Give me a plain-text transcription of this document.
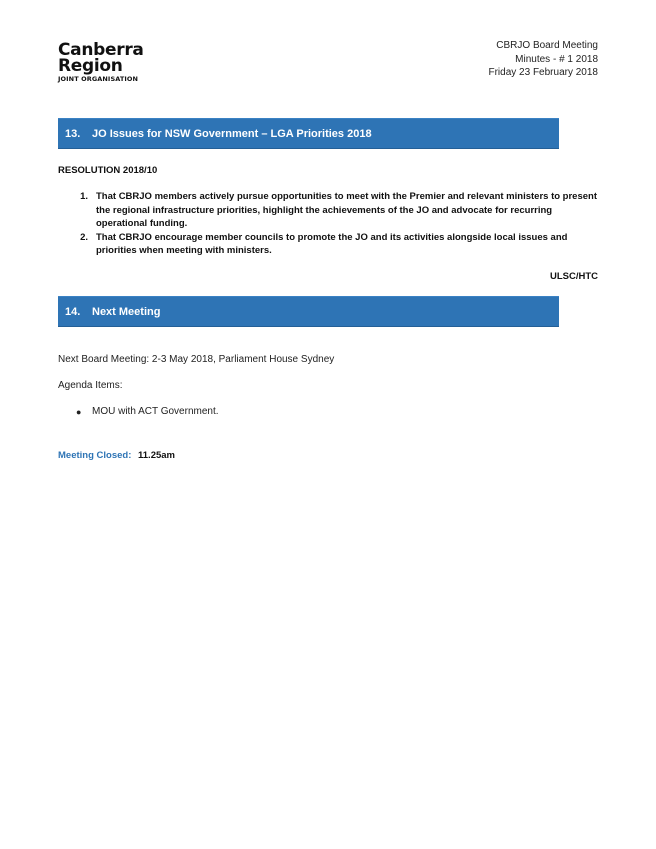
Canberra
Region
JOINT ORGANISATION
CBRJO Board Meeting
Minutes - # 1 2018
Friday 23 February 2018
13.	JO Issues for NSW Government – LGA Priorities 2018
RESOLUTION 2018/10
1. That CBRJO members actively pursue opportunities to meet with the Premier and relevant ministers to present the regional infrastructure priorities, highlight the achievements of the JO and advocate for recurring operational funding.
2. That CBRJO encourage member councils to promote the JO and its activities alongside local issues and priorities when meeting with ministers.
ULSC/HTC
14.	Next Meeting
Next Board Meeting: 2-3 May 2018, Parliament House Sydney
Agenda Items:
●	MOU with ACT Government.
Meeting Closed: 11.25am
